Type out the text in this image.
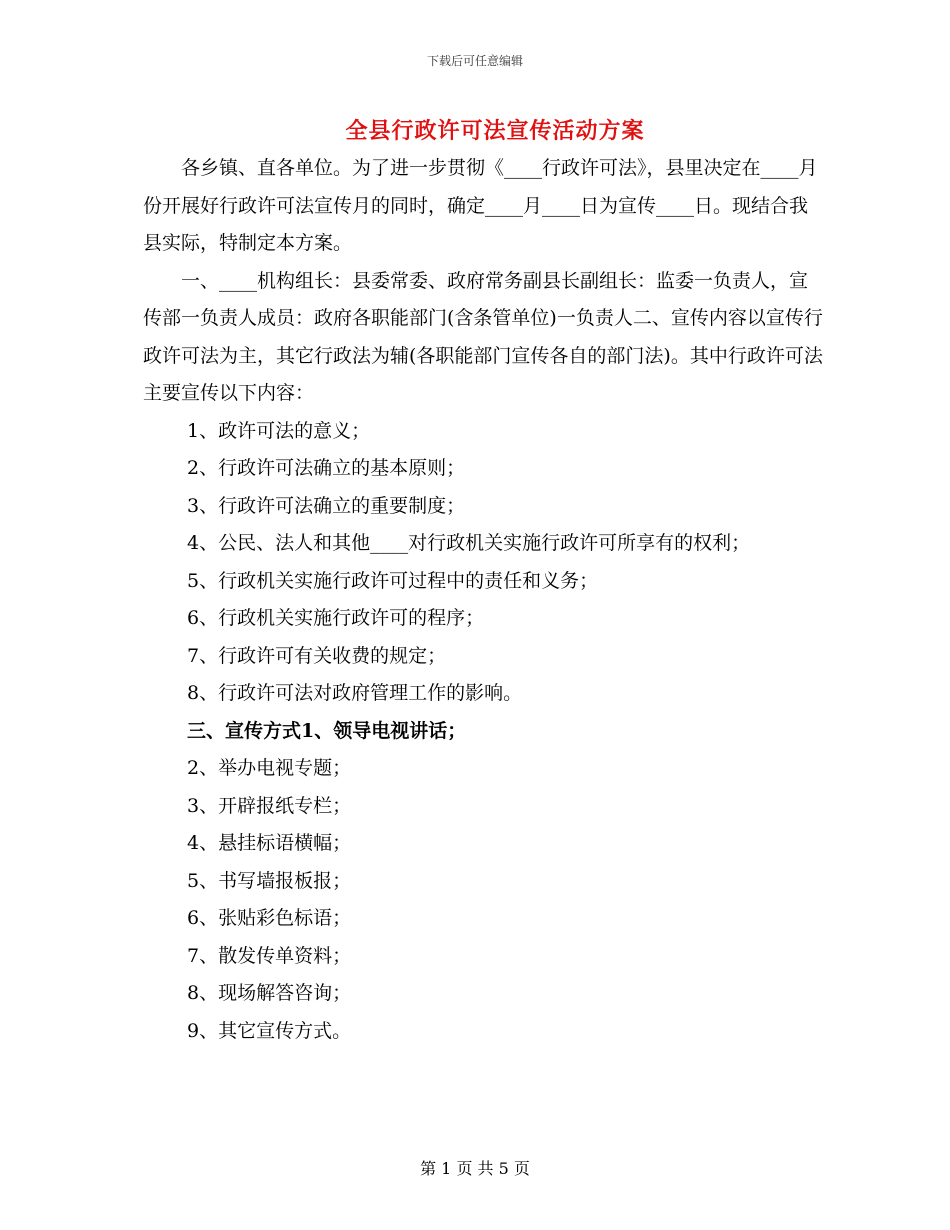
下载后可任意编辑
全县行政许可法宣传活动方案

各乡镇、直各单位。为了进一步贯彻《____行政许可法》，县里决定在____月份开展好行政许可法宣传月的同时，确定____月____日为宣传____日。现结合我县实际，特制定本方案。

一、____机构组长：县委常委、政府常务副县长副组长：监委一负责人，宣传部一负责人成员：政府各职能部门(含条管单位)一负责人二、宣传内容以宣传行政许可法为主，其它行政法为辅(各职能部门宣传各自的部门法)。其中行政许可法主要宣传以下内容：

1、政许可法的意义；
2、行政许可法确立的基本原则；
3、行政许可法确立的重要制度；
4、公民、法人和其他____对行政机关实施行政许可所享有的权利；
5、行政机关实施行政许可过程中的责任和义务；
6、行政机关实施行政许可的程序；
7、行政许可有关收费的规定；
8、行政许可法对政府管理工作的影响。
三、宣传方式1、领导电视讲话；
2、举办电视专题；
3、开辟报纸专栏；
4、悬挂标语横幅；
5、书写墙报板报；
6、张贴彩色标语；
7、散发传单资料；
8、现场解答咨询；
9、其它宣传方式。
第 1 页 共 5 页
